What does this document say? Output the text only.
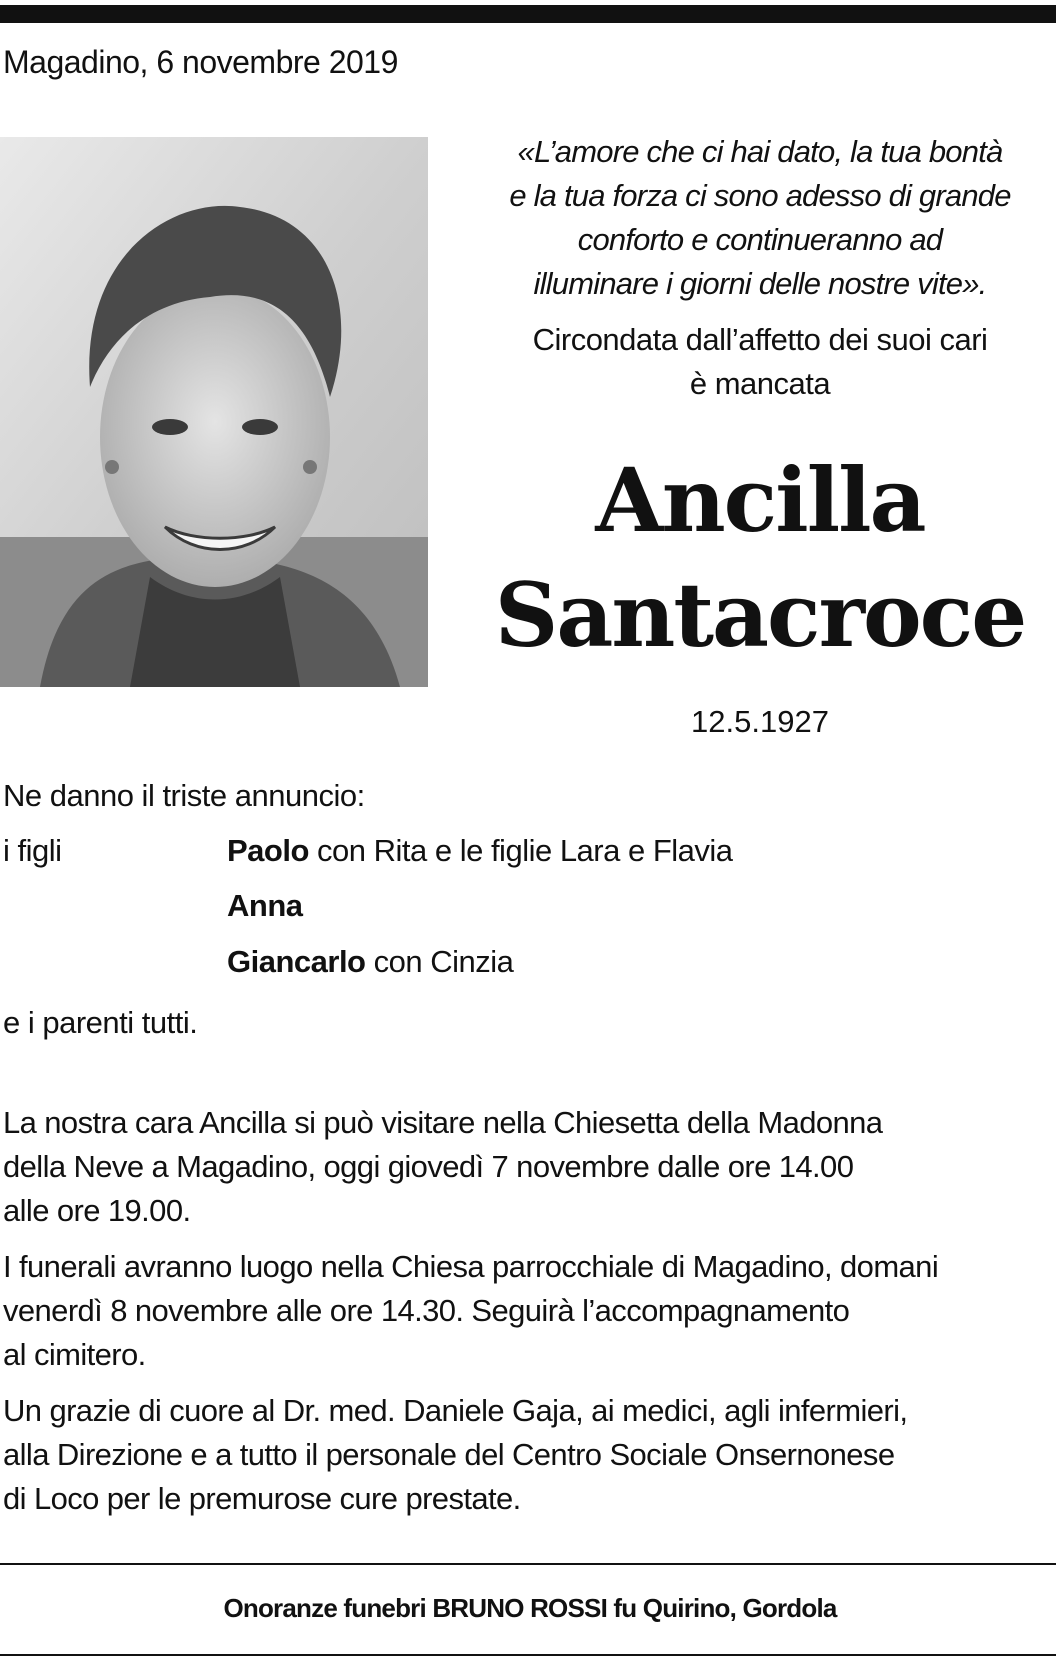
Magadino, 6 novembre 2019
«L’amore che ci hai dato, la tua bontà
e la tua forza ci sono adesso di grande
conforto e continueranno ad
illuminare i giorni delle nostre vite».
Circondata dall’affetto dei suoi cari
è mancata
Ancilla
Santacroce
12.5.1927
Ne danno il triste annuncio:
i figli	Paolo con Rita e le figlie Lara e Flavia
Anna
Giancarlo con Cinzia
e i parenti tutti.
La nostra cara Ancilla si può visitare nella Chiesetta della Madonna
della Neve a Magadino, oggi giovedì 7 novembre dalle ore 14.00
alle ore 19.00.
I funerali avranno luogo nella Chiesa parrocchiale di Magadino, domani
venerdì 8 novembre alle ore 14.30. Seguirà l’accompagnamento
al cimitero.
Un grazie di cuore al Dr. med. Daniele Gaja, ai medici, agli infermieri,
alla Direzione e a tutto il personale del Centro Sociale Onsernonese
di Loco per le premurose cure prestate.
Onoranze funebri BRUNO ROSSI fu Quirino, Gordola
